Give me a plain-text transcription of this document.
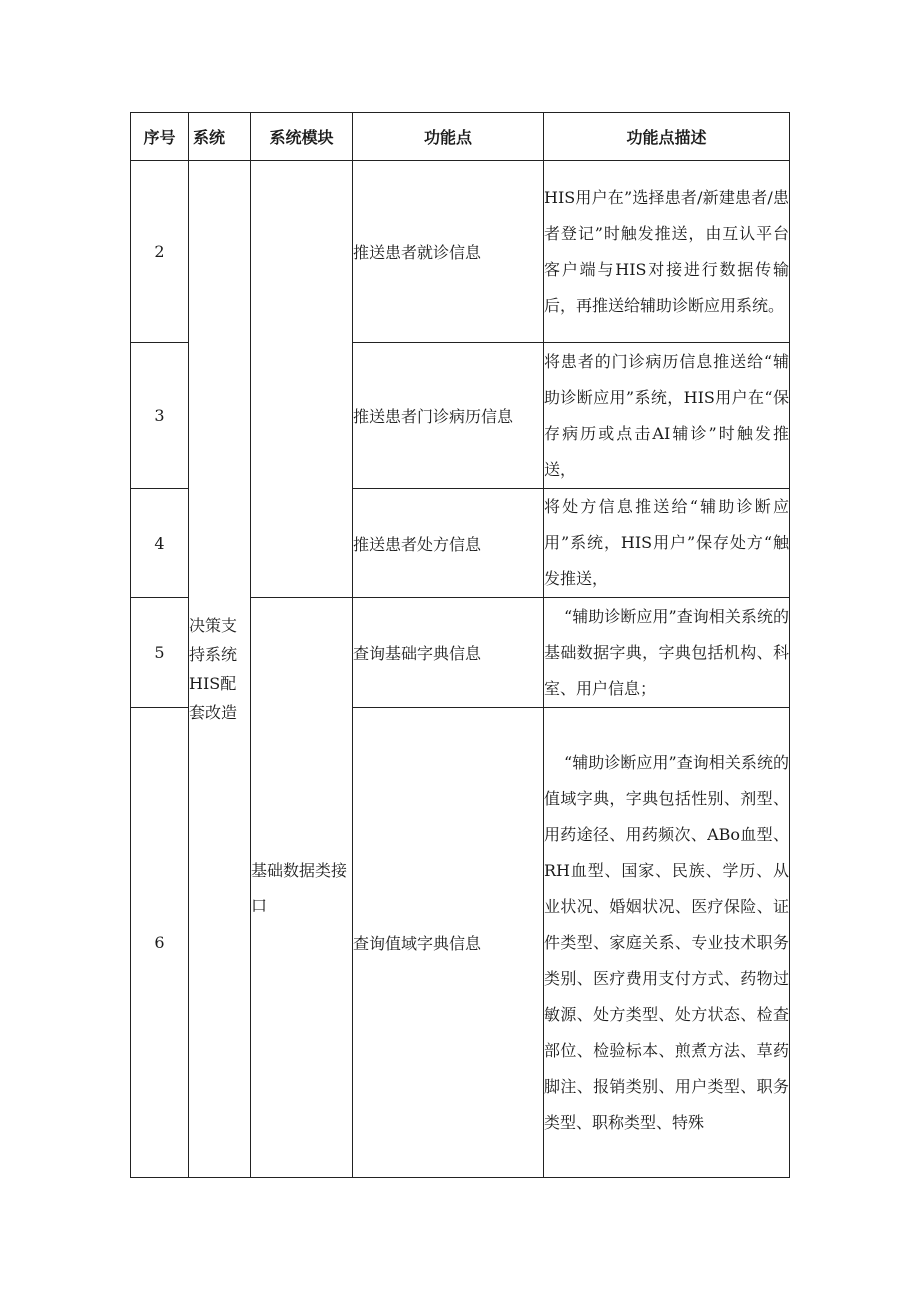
序号	系统	系统模块	功能点	功能点描述
2	决策支持系统HIS配套改造		推送患者就诊信息	HIS用户在”选择患者/新建患者/患者登记”时触发推送，由互认平台客户端与HIS对接进行数据传输后，再推送给辅助诊断应用系统。
3			推送患者门诊病历信息	将患者的门诊病历信息推送给“辅助诊断应用”系统，HIS用户在“保存病历或点击AI辅诊”时触发推送，
4			推送患者处方信息	将处方信息推送给“辅助诊断应用”系统，HIS用户”保存处方“触发推送，
5		基础数据类接口	查询基础字典信息	“辅助诊断应用”查询相关系统的基础数据字典，字典包括机构、科室、用户信息；
6			查询值域字典信息	“辅助诊断应用”查询相关系统的值域字典，字典包括性别、剂型、用药途径、用药频次、ABo血型、RH血型、国家、民族、学历、从业状况、婚姻状况、医疗保险、证件类型、家庭关系、专业技术职务类别、医疗费用支付方式、药物过敏源、处方类型、处方状态、检查部位、检验标本、煎煮方法、草药脚注、报销类别、用户类型、职务类型、职称类型、特殊
